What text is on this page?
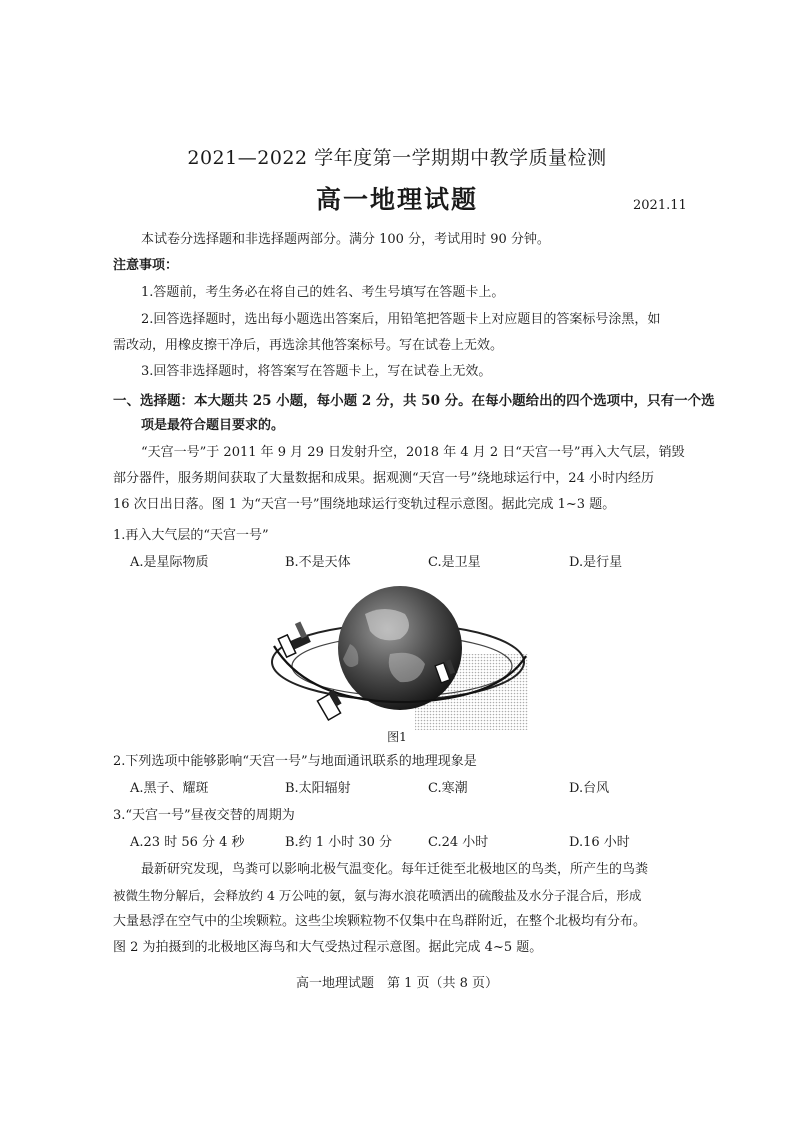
2021—2022 学年度第一学期期中教学质量检测
高一地理试题	2021.11
本试卷分选择题和非选择题两部分。满分 100 分，考试用时 90 分钟。
注意事项：
1.答题前，考生务必在将自己的姓名、考生号填写在答题卡上。
2.回答选择题时，选出每小题选出答案后，用铅笔把答题卡上对应题目的答案标号涂黑，如
需改动，用橡皮擦干净后，再选涂其他答案标号。写在试卷上无效。
3.回答非选择题时，将答案写在答题卡上，写在试卷上无效。
一、选择题：本大题共 25 小题，每小题 2 分，共 50 分。在每小题给出的四个选项中，只有一个选
项是最符合题目要求的。
“天宫一号”于 2011 年 9 月 29 日发射升空，2018 年 4 月 2 日“天宫一号”再入大气层，销毁
部分器件，服务期间获取了大量数据和成果。据观测“天宫一号”绕地球运行中，24 小时内经历
16 次日出日落。图 1 为“天宫一号”围绕地球运行变轨过程示意图。据此完成 1~3 题。
1.再入大气层的“天宫一号”
A.是星际物质	B.不是天体	C.是卫星	D.是行星
图1
2.下列选项中能够影响“天宫一号”与地面通讯联系的地理现象是
A.黑子、耀斑	B.太阳辐射	C.寒潮	D.台风
3.“天宫一号”昼夜交替的周期为
A.23 时 56 分 4 秒	B.约 1 小时 30 分	C.24 小时	D.16 小时
最新研究发现，鸟粪可以影响北极气温变化。每年迁徙至北极地区的鸟类，所产生的鸟粪
被微生物分解后，会释放约 4 万公吨的氨，氨与海水浪花喷洒出的硫酸盐及水分子混合后，形成
大量悬浮在空气中的尘埃颗粒。这些尘埃颗粒物不仅集中在鸟群附近，在整个北极均有分布。
图 2 为拍摄到的北极地区海鸟和大气受热过程示意图。据此完成 4~5 题。
高一地理试题　第 1 页（共 8 页）
